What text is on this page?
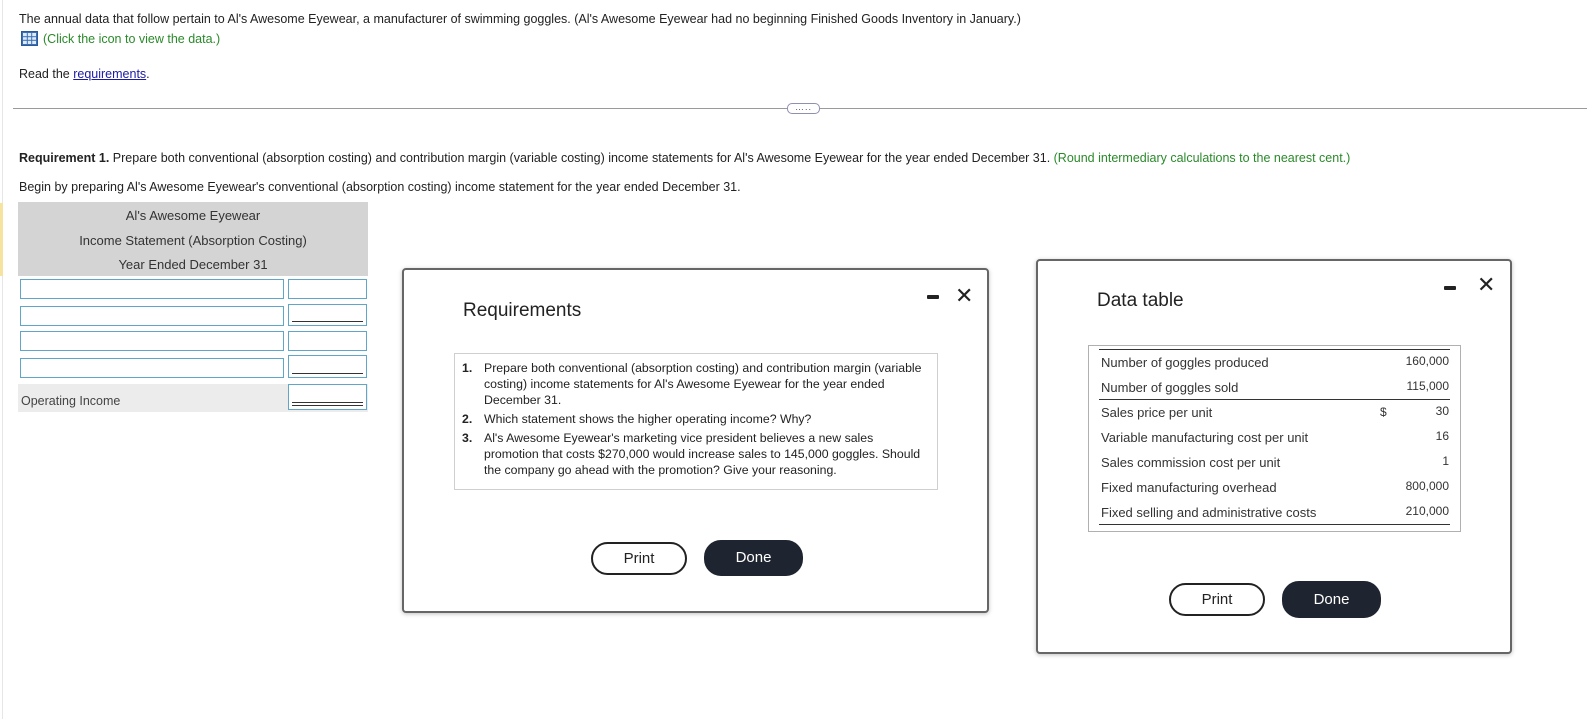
The annual data that follow pertain to Al's Awesome Eyewear, a manufacturer of swimming goggles. (Al's Awesome Eyewear had no beginning Finished Goods Inventory in January.)
(Click the icon to view the data.)
Read the requirements.
…..
Requirement 1. Prepare both conventional (absorption costing) and contribution margin (variable costing) income statements for Al's Awesome Eyewear for the year ended December 31. (Round intermediary calculations to the nearest cent.)
Begin by preparing Al's Awesome Eyewear's conventional (absorption costing) income statement for the year ended December 31.
Al's Awesome Eyewear
Income Statement (Absorption Costing)
Year Ended December 31
Operating Income
Requirements
✕
1. Prepare both conventional (absorption costing) and contribution margin (variable costing) income statements for Al's Awesome Eyewear for the year ended December 31.
2. Which statement shows the higher operating income? Why?
3. Al's Awesome Eyewear's marketing vice president believes a new sales promotion that costs $270,000 would increase sales to 145,000 goggles. Should the company go ahead with the promotion? Give your reasoning.
Print	Done
Data table
✕
Number of goggles produced	160,000
Number of goggles sold	115,000
Sales price per unit	$	30
Variable manufacturing cost per unit	16
Sales commission cost per unit	1
Fixed manufacturing overhead	800,000
Fixed selling and administrative costs	210,000
Print	Done
